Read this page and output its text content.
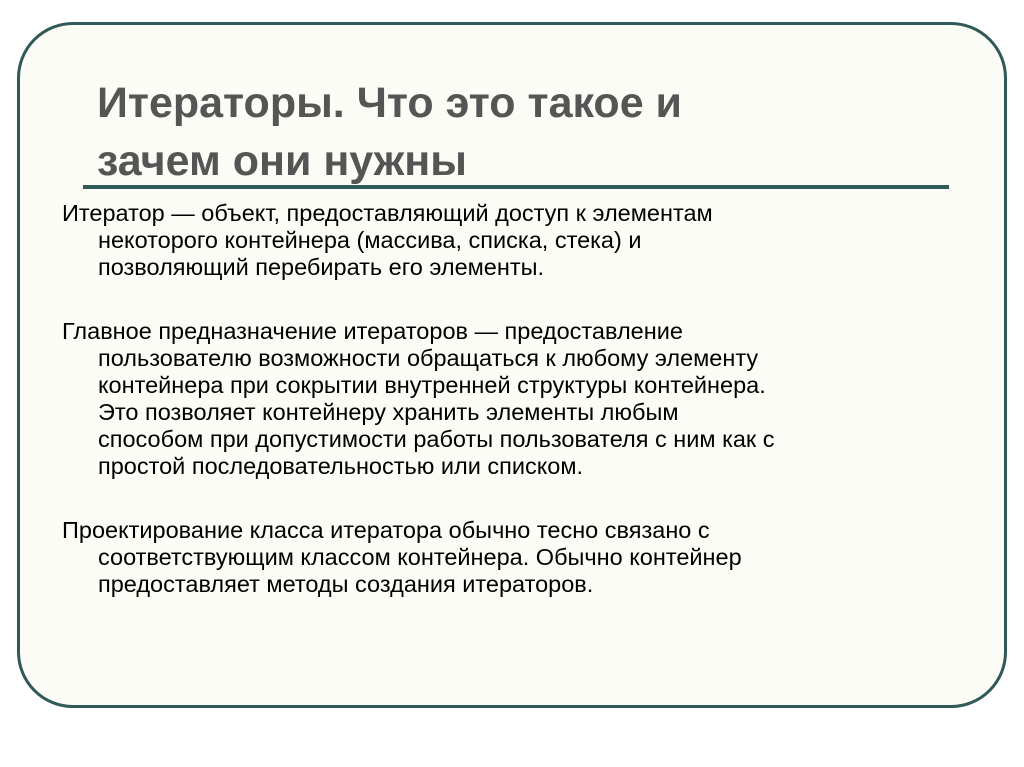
Итераторы. Что это такое и
зачем они нужны

Итератор — объект, предоставляющий доступ к элементам
некоторого контейнера (массива, списка, стека) и
позволяющий перебирать его элементы.

Главное предназначение итераторов — предоставление
пользователю возможности обращаться к любому элементу
контейнера при сокрытии внутренней структуры контейнера.
Это позволяет контейнеру хранить элементы любым
способом при допустимости работы пользователя с ним как с
простой последовательностью или списком.

Проектирование класса итератора обычно тесно связано с
соответствующим классом контейнера. Обычно контейнер
предоставляет методы создания итераторов.
